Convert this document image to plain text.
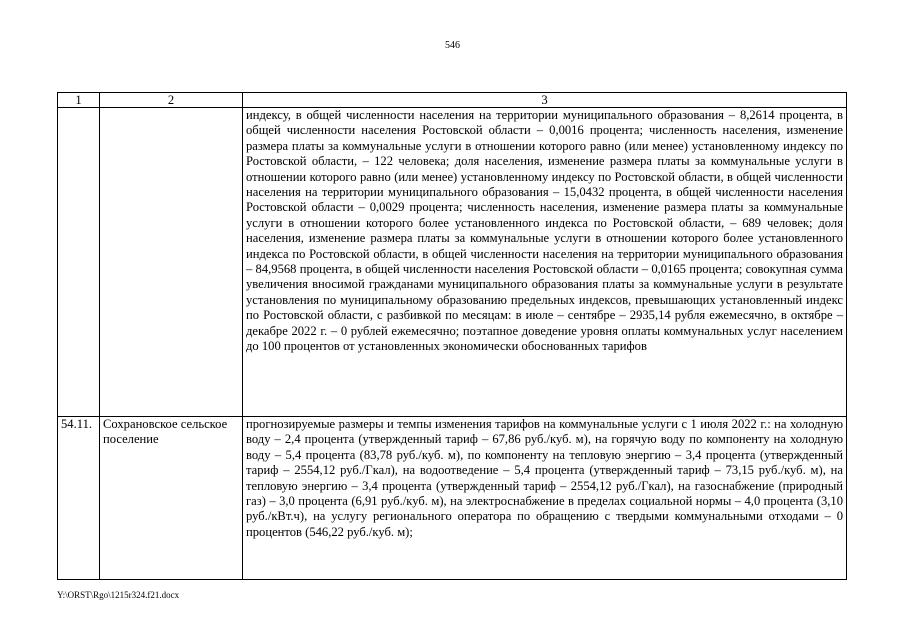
546
1	2	3
		индексу, в общей численности населения на территории муниципального образования – 8,2614 процента, в общей численности населения Ростовской области – 0,0016 процента; численность населения, изменение размера платы за коммунальные услуги в отношении которого равно (или менее) установленному индексу по Ростовской области, – 122 человека; доля населения, изменение размера платы за коммунальные услуги в отношении которого равно (или менее) установленному индексу по Ростовской области, в общей численности населения на территории муниципального образования – 15,0432 процента, в общей численности населения Ростовской области – 0,0029 процента; численность населения, изменение размера платы за коммунальные услуги в отношении которого более установленного индекса по Ростовской области, – 689 человек; доля населения, изменение размера платы за коммунальные услуги в отношении которого более установленного индекса по Ростовской области, в общей численности населения на территории муниципального образования – 84,9568 процента, в общей численности населения Ростовской области – 0,0165 процента; совокупная сумма увеличения вносимой гражданами муниципального образования платы за коммунальные услуги в результате установления по муниципальному образованию предельных индексов, превышающих установленный индекс по Ростовской области, с разбивкой по месяцам: в июле – сентябре – 2935,14 рубля ежемесячно, в октябре – декабре 2022 г. – 0 рублей ежемесячно; поэтапное доведение уровня оплаты коммунальных услуг населением до 100 процентов от установленных экономически обоснованных тарифов
54.11.	Сохрановское сельское поселение	прогнозируемые размеры и темпы изменения тарифов на коммунальные услуги с 1 июля 2022 г.: на холодную воду – 2,4 процента (утвержденный тариф – 67,86 руб./куб. м), на горячую воду по компоненту на холодную воду – 5,4 процента (83,78 руб./куб. м), по компоненту на тепловую энергию – 3,4 процента (утвержденный тариф – 2554,12 руб./Гкал), на водоотведение – 5,4 процента (утвержденный тариф – 73,15 руб./куб. м), на тепловую энергию – 3,4 процента (утвержденный тариф – 2554,12 руб./Гкал), на газоснабжение (природный газ) – 3,0 процента (6,91 руб./куб. м), на электроснабжение в пределах социальной нормы – 4,0 процента (3,10 руб./кВт.ч), на услугу регионального оператора по обращению с твердыми коммунальными отходами – 0 процентов (546,22 руб./куб. м);
Y:\ORST\Rgo\1215r324.f21.docx
